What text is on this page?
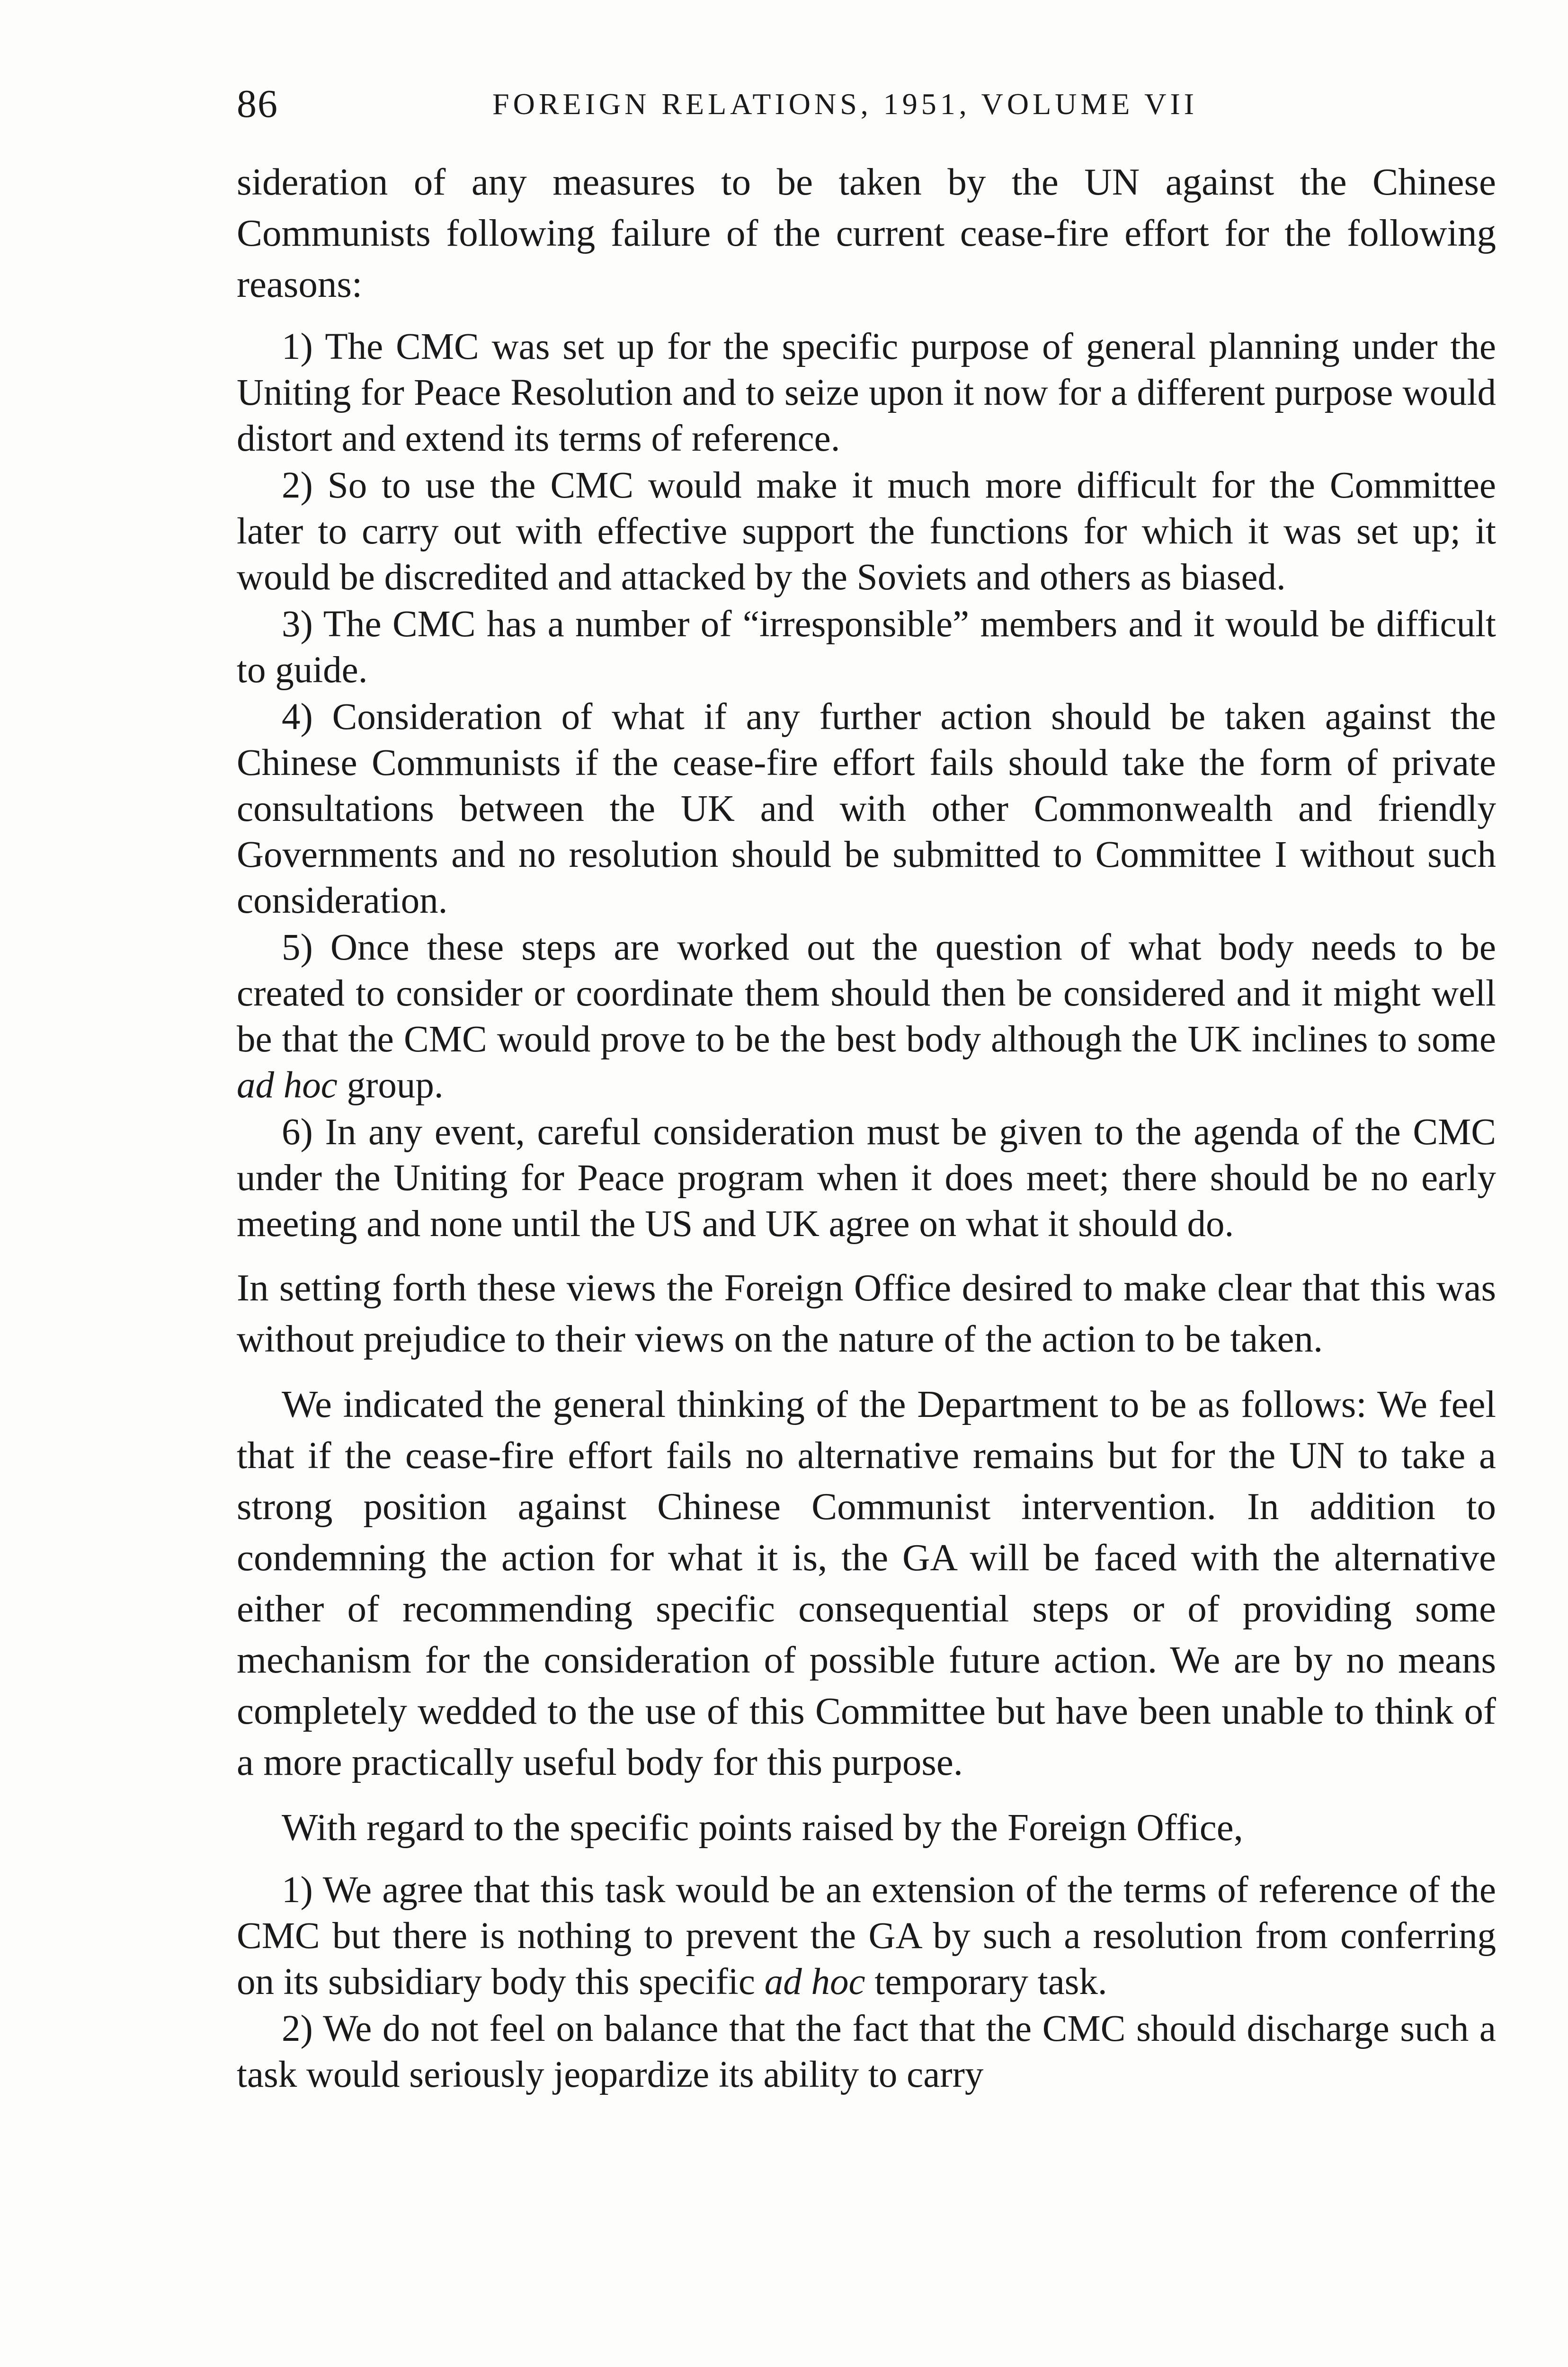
86	FOREIGN RELATIONS, 1951, VOLUME VII

sideration of any measures to be taken by the UN against the Chinese Communists following failure of the current cease-fire effort for the following reasons:

1) The CMC was set up for the specific purpose of general planning under the Uniting for Peace Resolution and to seize upon it now for a different purpose would distort and extend its terms of reference.

2) So to use the CMC would make it much more difficult for the Committee later to carry out with effective support the functions for which it was set up; it would be discredited and attacked by the Soviets and others as biased.

3) The CMC has a number of “irresponsible” members and it would be difficult to guide.

4) Consideration of what if any further action should be taken against the Chinese Communists if the cease-fire effort fails should take the form of private consultations between the UK and with other Commonwealth and friendly Governments and no resolution should be submitted to Committee I without such consideration.

5) Once these steps are worked out the question of what body needs to be created to consider or coordinate them should then be considered and it might well be that the CMC would prove to be the best body although the UK inclines to some ad hoc group.

6) In any event, careful consideration must be given to the agenda of the CMC under the Uniting for Peace program when it does meet; there should be no early meeting and none until the US and UK agree on what it should do.

In setting forth these views the Foreign Office desired to make clear that this was without prejudice to their views on the nature of the action to be taken.

We indicated the general thinking of the Department to be as follows: We feel that if the cease-fire effort fails no alternative remains but for the UN to take a strong position against Chinese Communist intervention. In addition to condemning the action for what it is, the GA will be faced with the alternative either of recommending specific consequential steps or of providing some mechanism for the consideration of possible future action. We are by no means completely wedded to the use of this Committee but have been unable to think of a more practically useful body for this purpose.

With regard to the specific points raised by the Foreign Office,

1) We agree that this task would be an extension of the terms of reference of the CMC but there is nothing to prevent the GA by such a resolution from conferring on its subsidiary body this specific ad hoc temporary task.

2) We do not feel on balance that the fact that the CMC should discharge such a task would seriously jeopardize its ability to carry
